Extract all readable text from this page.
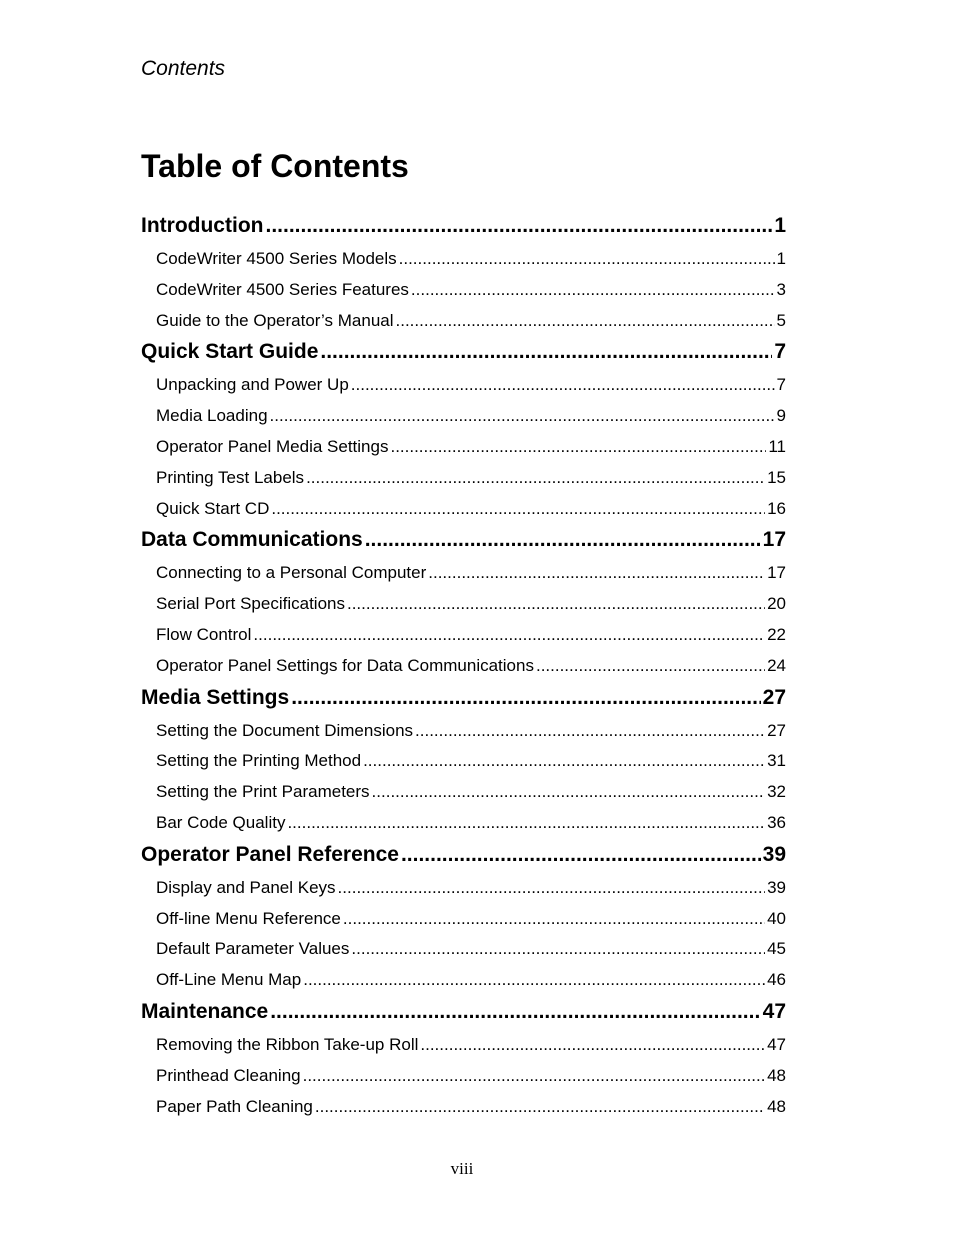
Contents
Table of Contents
Introduction .....	1
CodeWriter 4500 Series Models .....	1
CodeWriter 4500 Series Features .....	3
Guide to the Operator’s Manual .....	5
Quick Start Guide .....	7
Unpacking and Power Up .....	7
Media Loading .....	9
Operator Panel Media Settings .....	11
Printing Test Labels .....	15
Quick Start CD .....	16
Data Communications .....	17
Connecting to a Personal Computer .....	17
Serial Port Specifications .....	20
Flow Control .....	22
Operator Panel Settings for Data Communications .....	24
Media Settings .....	27
Setting the Document Dimensions .....	27
Setting the Printing Method .....	31
Setting the Print Parameters .....	32
Bar Code Quality .....	36
Operator Panel Reference .....	39
Display and Panel Keys .....	39
Off-line Menu Reference .....	40
Default Parameter Values .....	45
Off-Line Menu Map .....	46
Maintenance .....	47
Removing the Ribbon Take-up Roll .....	47
Printhead Cleaning .....	48
Paper Path Cleaning .....	48
viii
